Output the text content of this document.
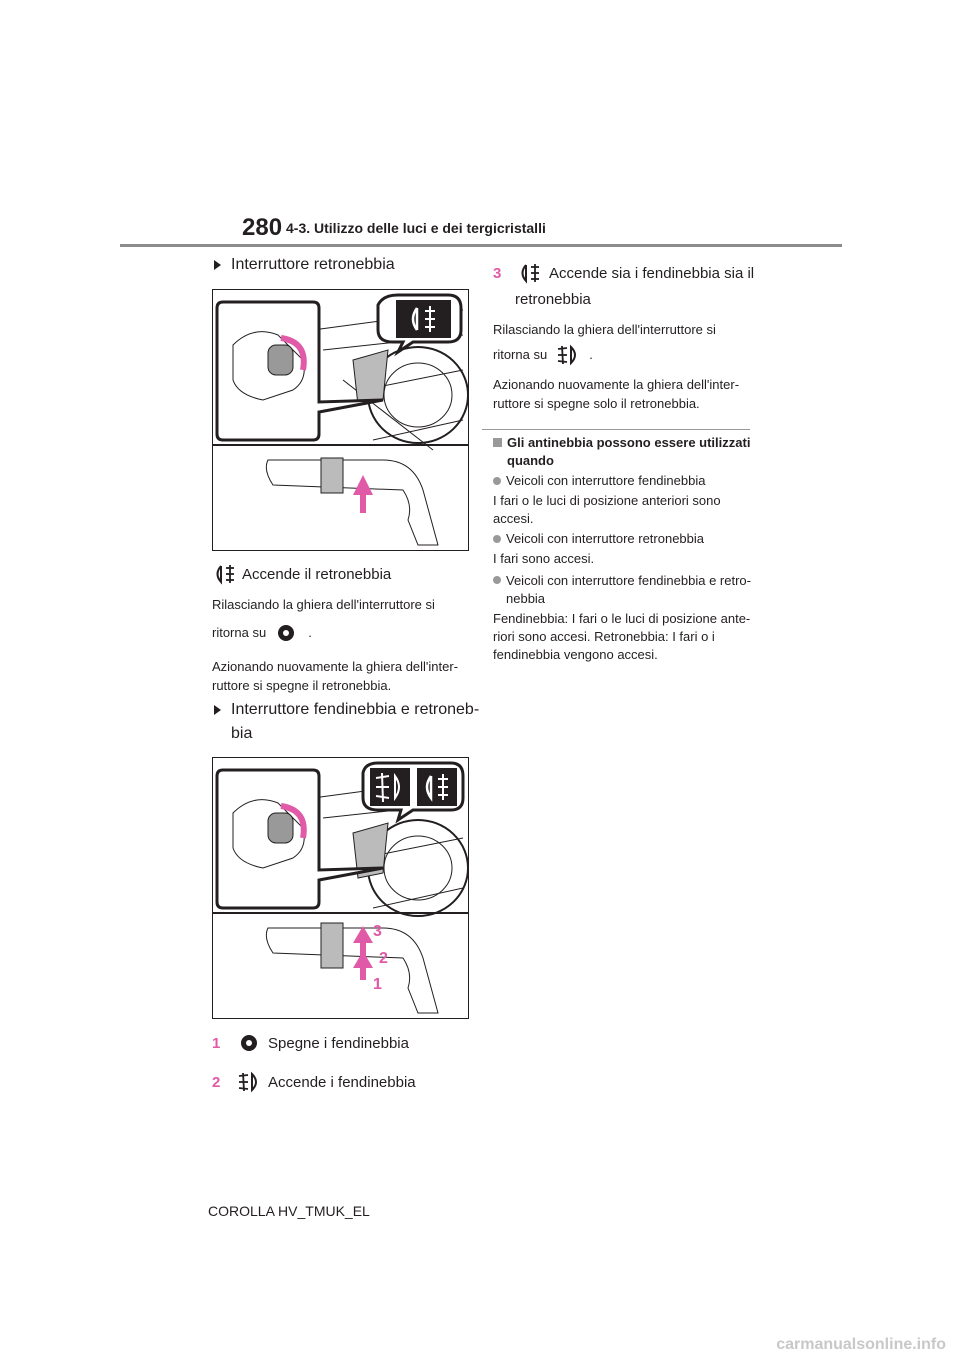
280 4-3. Utilizzo delle luci e dei tergicristalli
Interruttore retronebbia
Accende il retronebbia
Rilasciando la ghiera dell'interruttore si
ritorna su	.
Azionando nuovamente la ghiera dell'inter-
ruttore si spegne il retronebbia.
Interruttore fendinebbia e retroneb-
bia
3
2
1
1	Spegne i fendinebbia
2	Accende i fendinebbia
3	Accende sia i fendinebbia sia il
retronebbia
Rilasciando la ghiera dell'interruttore si
ritorna su	.
Azionando nuovamente la ghiera dell'inter-
ruttore si spegne solo il retronebbia.
Gli antinebbia possono essere utilizzati
quando
Veicoli con interruttore fendinebbia
I fari o le luci di posizione anteriori sono accesi.
Veicoli con interruttore retronebbia
I fari sono accesi.
Veicoli con interruttore fendinebbia e retro-nebbia
Fendinebbia: I fari o le luci di posizione ante-riori sono accesi. Retronebbia: I fari o i fendinebbia vengono accesi.
COROLLA HV_TMUK_EL
carmanualsonline.info
